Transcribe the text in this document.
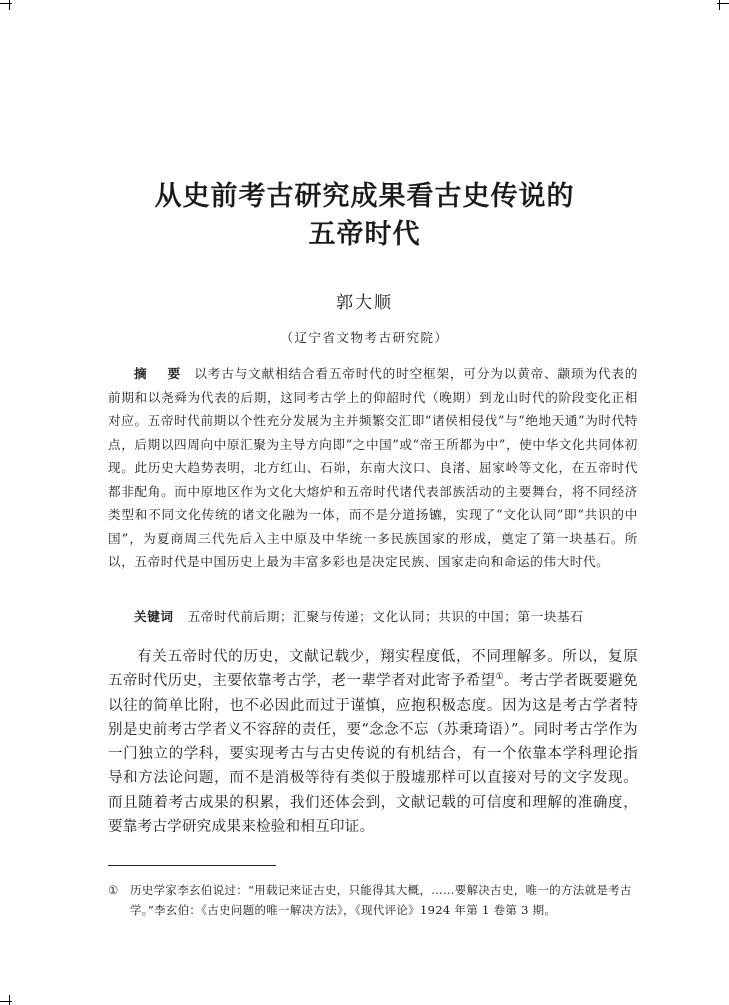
从史前考古研究成果看古史传说的
五帝时代
郭大顺
（辽宁省文物考古研究院）
摘 要 以考古与文献相结合看五帝时代的时空框架，可分为以黄帝、颛顼为代表的前期和以尧舜为代表的后期，这同考古学上的仰韶时代（晚期）到龙山时代的阶段变化正相对应。五帝时代前期以个性充分发展为主并频繁交汇即“诸侯相侵伐”与“绝地天通”为时代特点，后期以四周向中原汇聚为主导方向即“之中国”或“帝王所都为中”，使中华文化共同体初现。此历史大趋势表明，北方红山、石峁，东南大汶口、良渚、屈家岭等文化，在五帝时代都非配角。而中原地区作为文化大熔炉和五帝时代诸代表部族活动的主要舞台，将不同经济类型和不同文化传统的诸文化融为一体，而不是分道扬镳，实现了“文化认同”即“共识的中国”，为夏商周三代先后入主中原及中华统一多民族国家的形成，奠定了第一块基石。所以，五帝时代是中国历史上最为丰富多彩也是决定民族、国家走向和命运的伟大时代。
关键词 五帝时代前后期；汇聚与传递；文化认同；共识的中国；第一块基石

有关五帝时代的历史，文献记载少，翔实程度低，不同理解多。所以，复原五帝时代历史，主要依靠考古学，老一辈学者对此寄予希望①。考古学者既要避免以往的简单比附，也不必因此而过于谨慎，应抱积极态度。因为这是考古学者特别是史前考古学者义不容辞的责任，要“念念不忘（苏秉琦语）”。同时考古学作为一门独立的学科，要实现考古与古史传说的有机结合，有一个依靠本学科理论指导和方法论问题，而不是消极等待有类似于殷墟那样可以直接对号的文字发现。而且随着考古成果的积累，我们还体会到，文献记载的可信度和理解的准确度，要靠考古学研究成果来检验和相互印证。

① 历史学家李玄伯说过：“用载记来证古史，只能得其大概，……要解决古史，唯一的方法就是考古学。”李玄伯：《古史问题的唯一解决方法》，《现代评论》1924 年第 1 卷第 3 期。
